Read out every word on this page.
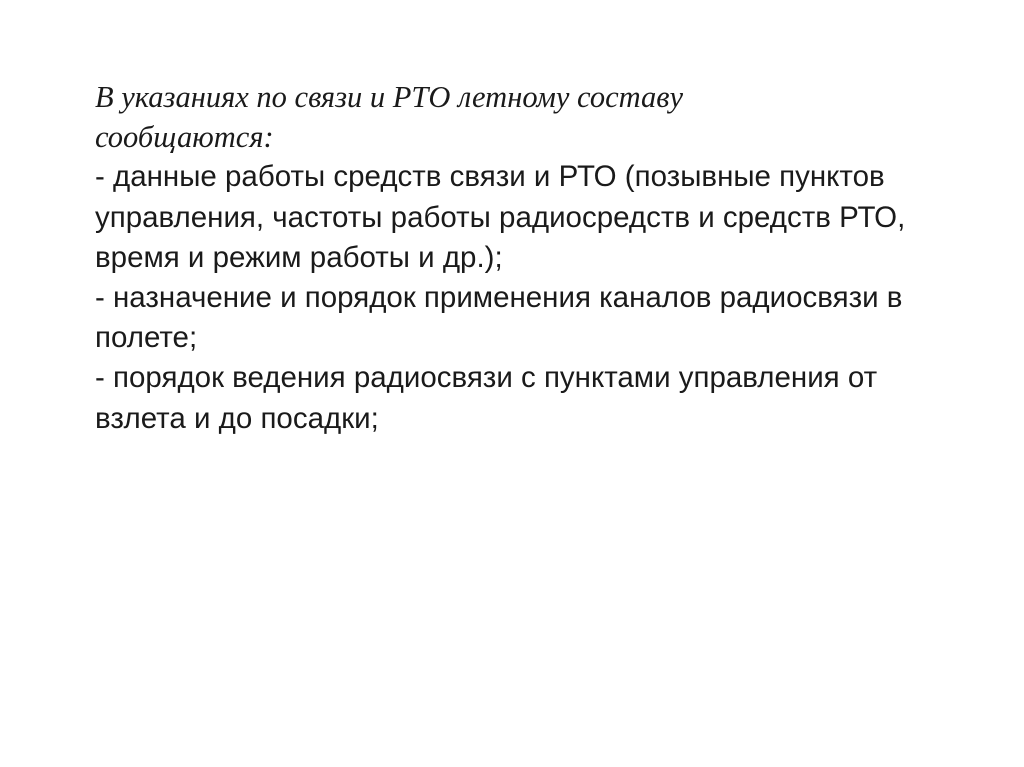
В указаниях по связи и РТО летному составу
сообщаются:

- данные работы средств связи и РТО (позывные пунктов
управления, частоты работы радиосредств и средств РТО,
время и режим работы и др.);

- назначение и порядок применения каналов радиосвязи в
полете;

- порядок ведения радиосвязи с пунктами управления от
взлета и до посадки;
